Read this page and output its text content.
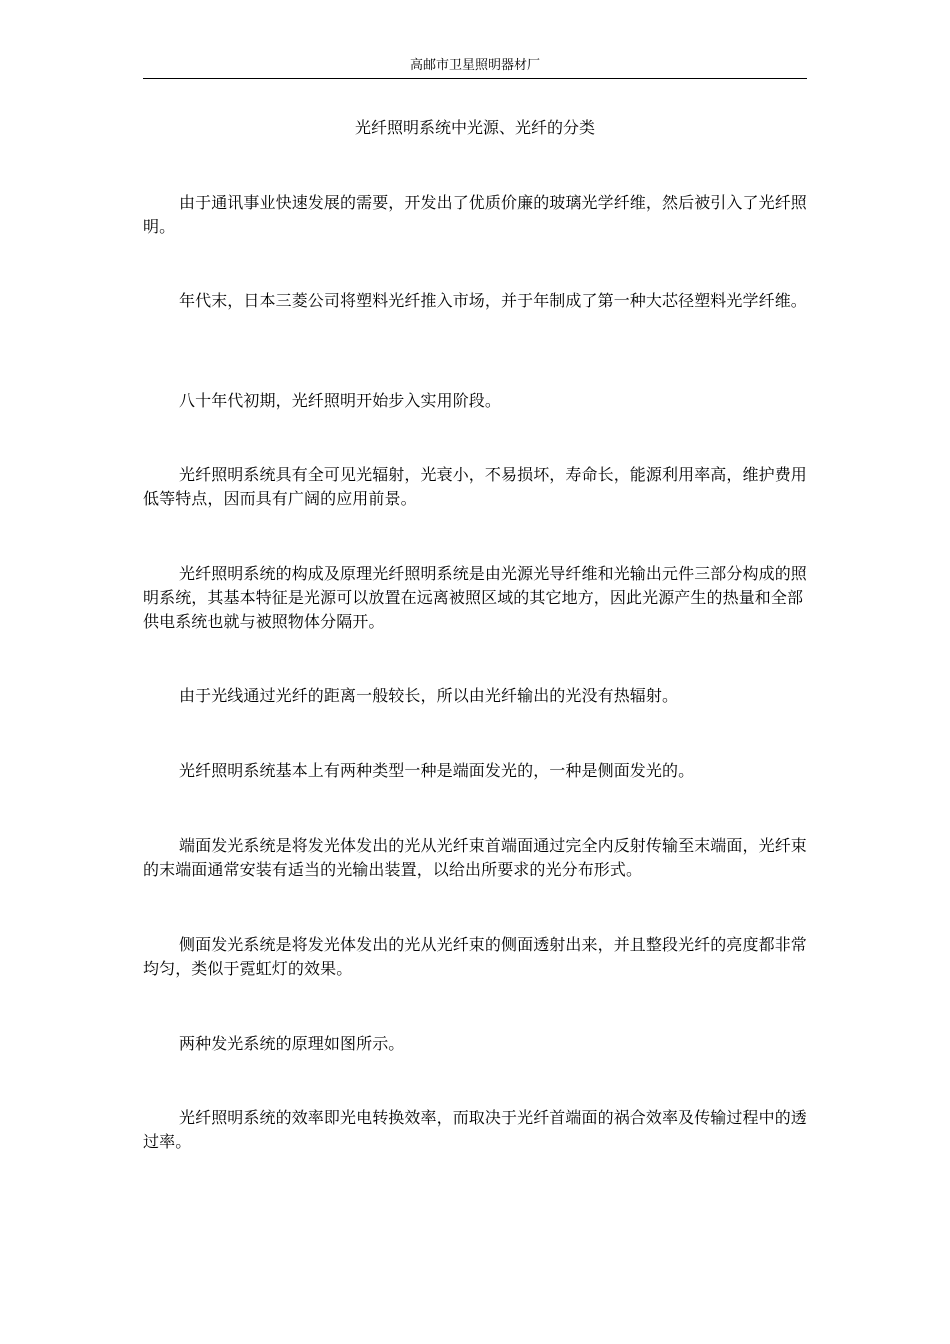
高邮市卫星照明器材厂
光纤照明系统中光源、光纤的分类

由于通讯事业快速发展的需要，开发出了优质价廉的玻璃光学纤维，然后被引入了光纤照明。

年代末，日本三菱公司将塑料光纤推入市场，并于年制成了第一种大芯径塑料光学纤维。

八十年代初期，光纤照明开始步入实用阶段。

光纤照明系统具有全可见光辐射，光衰小，不易损坏，寿命长，能源利用率高，维护费用低等特点，因而具有广阔的应用前景。

光纤照明系统的构成及原理光纤照明系统是由光源光导纤维和光输出元件三部分构成的照明系统，其基本特征是光源可以放置在远离被照区域的其它地方，因此光源产生的热量和全部供电系统也就与被照物体分隔开。

由于光线通过光纤的距离一般较长，所以由光纤输出的光没有热辐射。

光纤照明系统基本上有两种类型一种是端面发光的，一种是侧面发光的。

端面发光系统是将发光体发出的光从光纤束首端面通过完全内反射传输至末端面，光纤束的末端面通常安装有适当的光输出装置，以给出所要求的光分布形式。

侧面发光系统是将发光体发出的光从光纤束的侧面透射出来，并且整段光纤的亮度都非常均匀，类似于霓虹灯的效果。

两种发光系统的原理如图所示。

光纤照明系统的效率即光电转换效率，而取决于光纤首端面的祸合效率及传输过程中的透过率。
